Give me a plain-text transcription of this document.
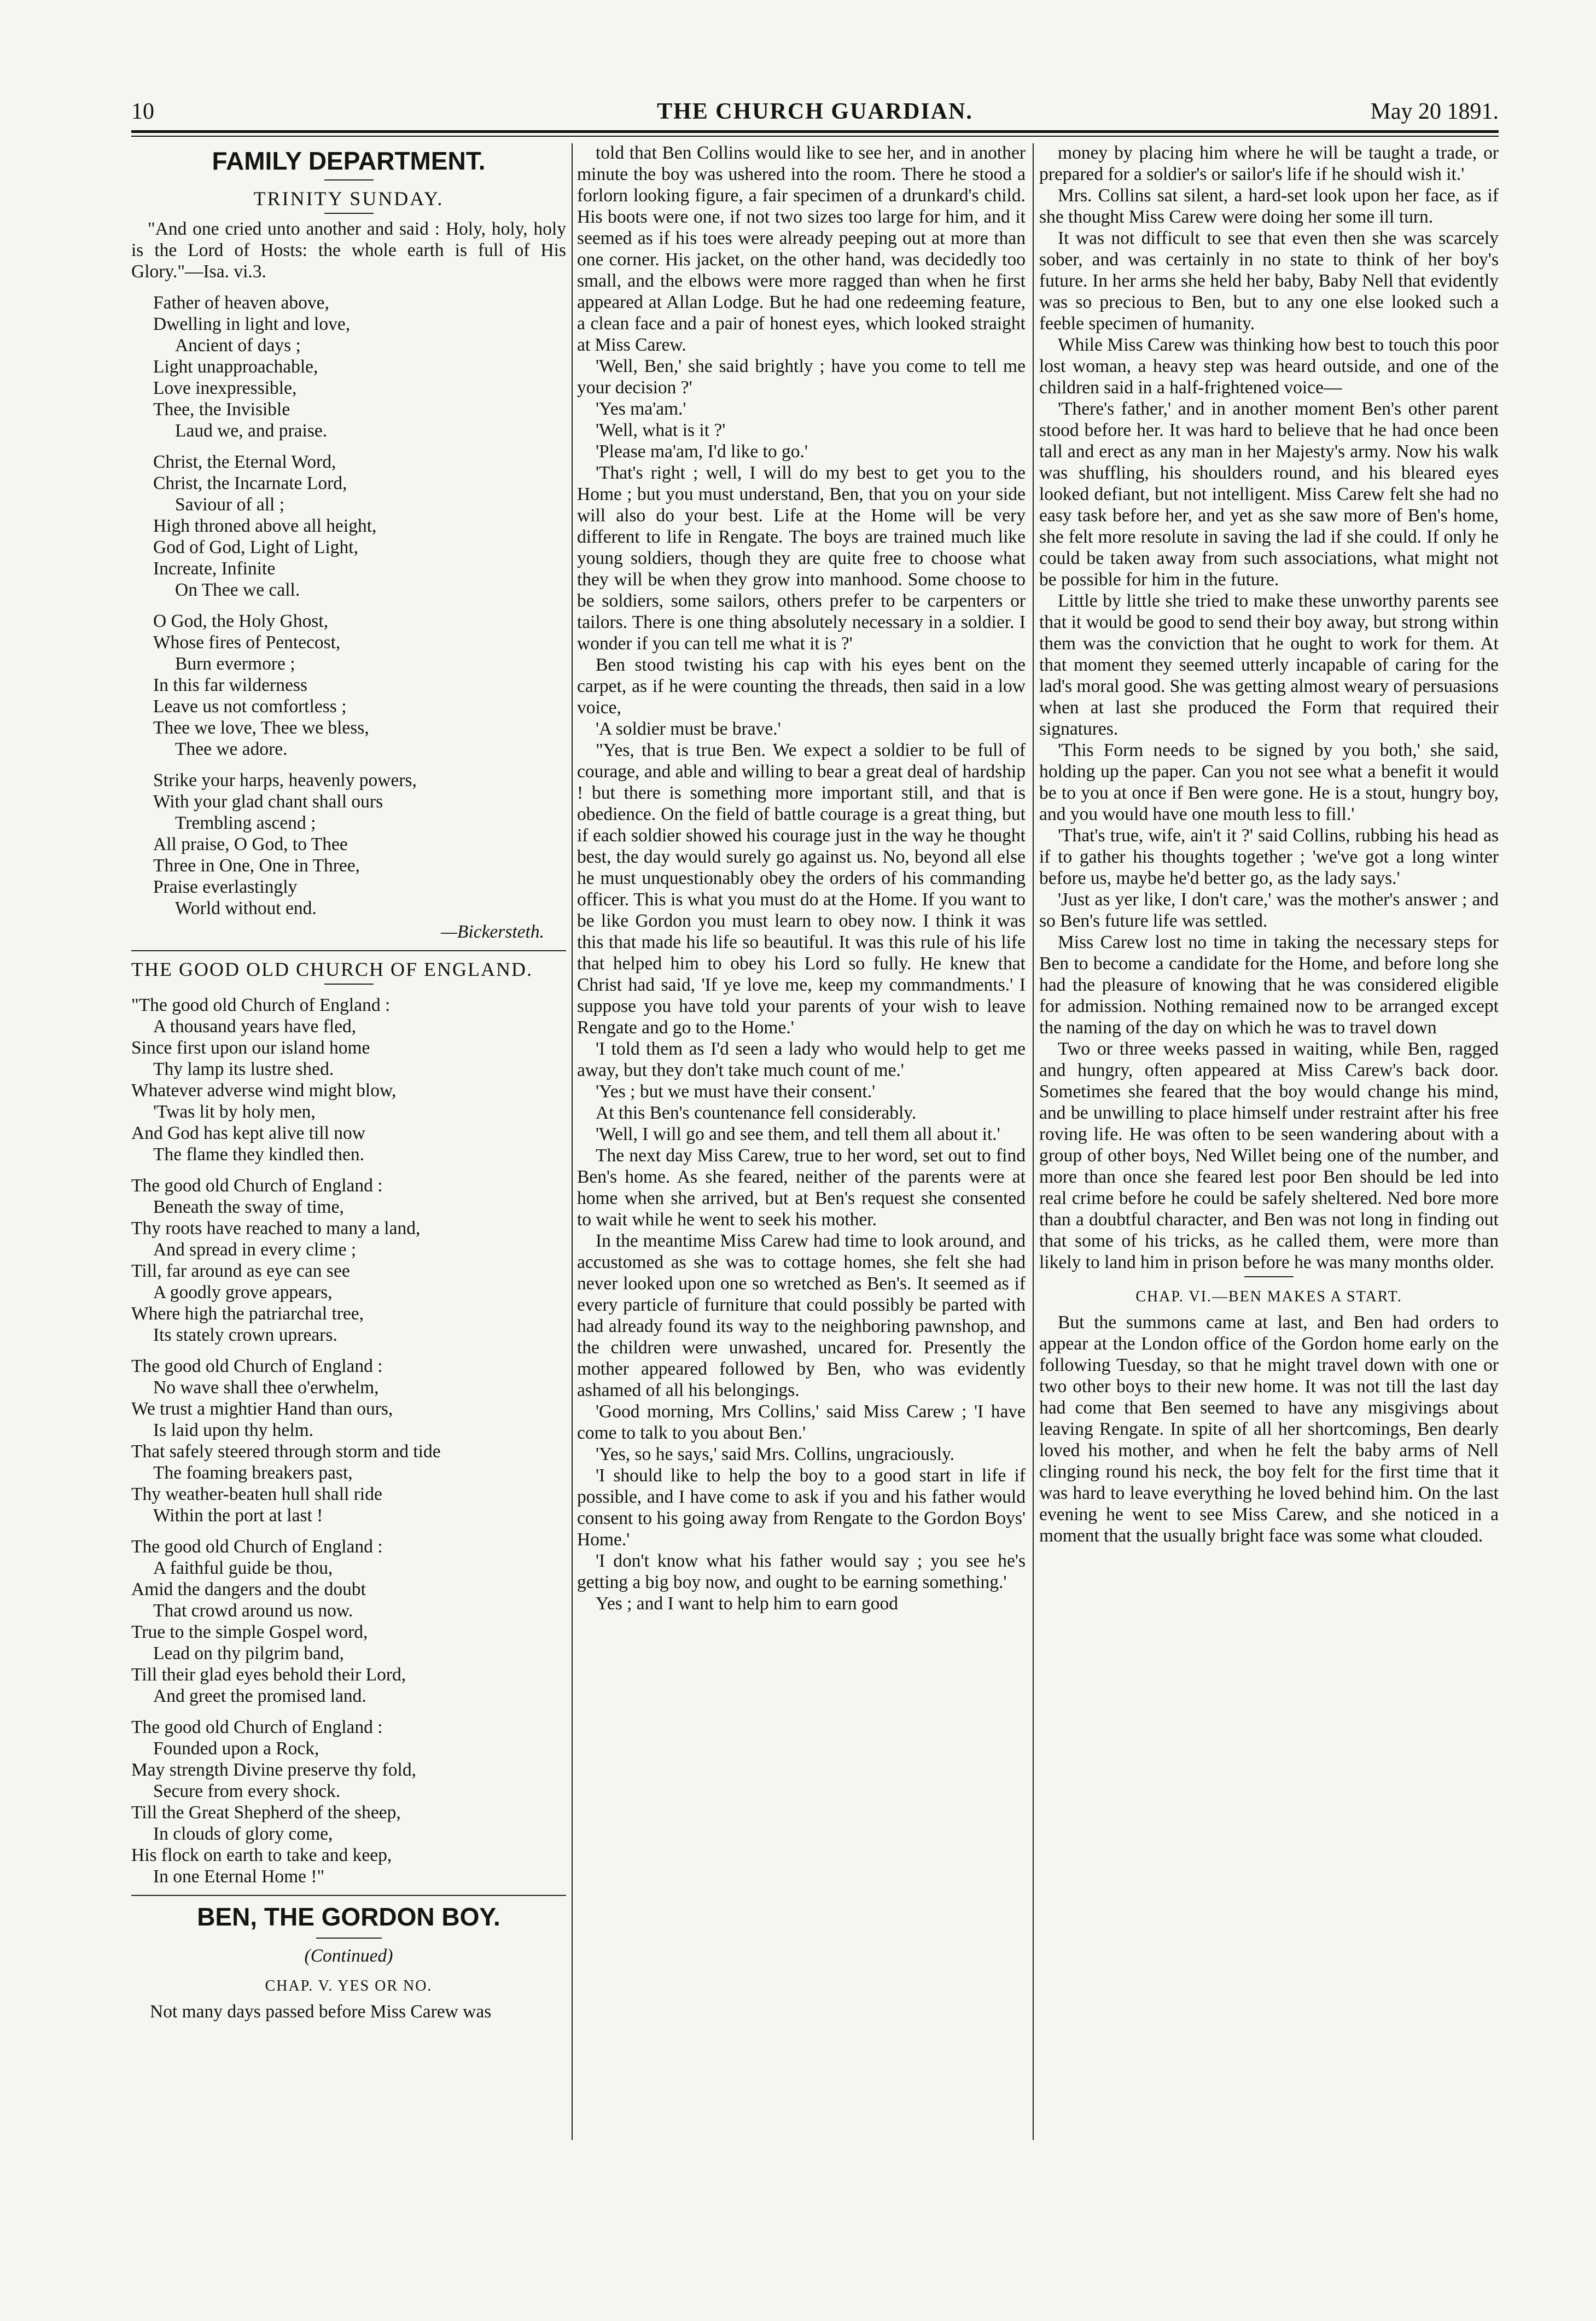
10	THE CHURCH GUARDIAN.	May 20 1891.
FAMILY DEPARTMENT.
TRINITY SUNDAY.

"And one cried unto another and said : Holy, holy, holy is the Lord of Hosts: the whole earth is full of His Glory."—Isa. vi.3.

Father of heaven above,
Dwelling in light and love,
Ancient of days ;
Light unapproachable,
Love inexpressible,
Thee, the Invisible
Laud we, and praise.
Christ, the Eternal Word,
Christ, the Incarnate Lord,
Saviour of all ;
High throned above all height,
God of God, Light of Light,
Increate, Infinite
On Thee we call.
O God, the Holy Ghost,
Whose fires of Pentecost,
Burn evermore ;
In this far wilderness
Leave us not comfortless ;
Thee we love, Thee we bless,
Thee we adore.
Strike your harps, heavenly powers,
With your glad chant shall ours
Trembling ascend ;
All praise, O God, to Thee
Three in One, One in Three,
Praise everlastingly
World without end.
—Bickersteth.
THE GOOD OLD CHURCH OF ENGLAND.
"The good old Church of England :
A thousand years have fled,
Since first upon our island home
Thy lamp its lustre shed.
Whatever adverse wind might blow,
'Twas lit by holy men,
And God has kept alive till now
The flame they kindled then.
The good old Church of England :
Beneath the sway of time,
Thy roots have reached to many a land,
And spread in every clime ;
Till, far around as eye can see
A goodly grove appears,
Where high the patriarchal tree,
Its stately crown uprears.
The good old Church of England :
No wave shall thee o'erwhelm,
We trust a mightier Hand than ours,
Is laid upon thy helm.
That safely steered through storm and tide
The foaming breakers past,
Thy weather-beaten hull shall ride
Within the port at last !
The good old Church of England :
A faithful guide be thou,
Amid the dangers and the doubt
That crowd around us now.
True to the simple Gospel word,
Lead on thy pilgrim band,
Till their glad eyes behold their Lord,
And greet the promised land.
The good old Church of England :
Founded upon a Rock,
May strength Divine preserve thy fold,
Secure from every shock.
Till the Great Shepherd of the sheep,
In clouds of glory come,
His flock on earth to take and keep,
In one Eternal Home !"
BEN, THE GORDON BOY.
(Continued)
CHAP. V. YES OR NO.

Not many days passed before Miss Carew was

told that Ben Collins would like to see her, and in another minute the boy was ushered into the room. There he stood a forlorn looking figure, a fair specimen of a drunkard's child. His boots were one, if not two sizes too large for him, and it seemed as if his toes were already peeping out at more than one corner. His jacket, on the other hand, was decidedly too small, and the elbows were more ragged than when he first appeared at Allan Lodge. But he had one redeeming feature, a clean face and a pair of honest eyes, which looked straight at Miss Carew.

'Well, Ben,' she said brightly ; have you come to tell me your decision ?'

'Yes ma'am.'

'Well, what is it ?'

'Please ma'am, I'd like to go.'

'That's right ; well, I will do my best to get you to the Home ; but you must understand, Ben, that you on your side will also do your best. Life at the Home will be very different to life in Rengate. The boys are trained much like young soldiers, though they are quite free to choose what they will be when they grow into manhood. Some choose to be soldiers, some sailors, others prefer to be carpenters or tailors. There is one thing absolutely necessary in a soldier. I wonder if you can tell me what it is ?'

Ben stood twisting his cap with his eyes bent on the carpet, as if he were counting the threads, then said in a low voice,

'A soldier must be brave.'

"Yes, that is true Ben. We expect a soldier to be full of courage, and able and willing to bear a great deal of hardship ! but there is something more important still, and that is obedience. On the field of battle courage is a great thing, but if each soldier showed his courage just in the way he thought best, the day would surely go against us. No, beyond all else he must unquestionably obey the orders of his commanding officer. This is what you must do at the Home. If you want to be like Gordon you must learn to obey now. I think it was this that made his life so beautiful. It was this rule of his life that helped him to obey his Lord so fully. He knew that Christ had said, 'If ye love me, keep my commandments.' I suppose you have told your parents of your wish to leave Rengate and go to the Home.'

'I told them as I'd seen a lady who would help to get me away, but they don't take much count of me.'

'Yes ; but we must have their consent.'

At this Ben's countenance fell considerably.

'Well, I will go and see them, and tell them all about it.'

The next day Miss Carew, true to her word, set out to find Ben's home. As she feared, neither of the parents were at home when she arrived, but at Ben's request she consented to wait while he went to seek his mother.

In the meantime Miss Carew had time to look around, and accustomed as she was to cottage homes, she felt she had never looked upon one so wretched as Ben's. It seemed as if every particle of furniture that could possibly be parted with had already found its way to the neighboring pawnshop, and the children were unwashed, uncared for. Presently the mother appeared followed by Ben, who was evidently ashamed of all his belongings.

'Good morning, Mrs Collins,' said Miss Carew ; 'I have come to talk to you about Ben.'

'Yes, so he says,' said Mrs. Collins, ungraciously.

'I should like to help the boy to a good start in life if possible, and I have come to ask if you and his father would consent to his going away from Rengate to the Gordon Boys' Home.'

'I don't know what his father would say ; you see he's getting a big boy now, and ought to be earning something.'

Yes ; and I want to help him to earn good

money by placing him where he will be taught a trade, or prepared for a soldier's or sailor's life if he should wish it.'

Mrs. Collins sat silent, a hard-set look upon her face, as if she thought Miss Carew were doing her some ill turn.

It was not difficult to see that even then she was scarcely sober, and was certainly in no state to think of her boy's future. In her arms she held her baby, Baby Nell that evidently was so precious to Ben, but to any one else looked such a feeble specimen of humanity.

While Miss Carew was thinking how best to touch this poor lost woman, a heavy step was heard outside, and one of the children said in a half-frightened voice—

'There's father,' and in another moment Ben's other parent stood before her. It was hard to believe that he had once been tall and erect as any man in her Majesty's army. Now his walk was shuffling, his shoulders round, and his bleared eyes looked defiant, but not intelligent. Miss Carew felt she had no easy task before her, and yet as she saw more of Ben's home, she felt more resolute in saving the lad if she could. If only he could be taken away from such associations, what might not be possible for him in the future.

Little by little she tried to make these unworthy parents see that it would be good to send their boy away, but strong within them was the conviction that he ought to work for them. At that moment they seemed utterly incapable of caring for the lad's moral good. She was getting almost weary of persuasions when at last she produced the Form that required their signatures.

'This Form needs to be signed by you both,' she said, holding up the paper. Can you not see what a benefit it would be to you at once if Ben were gone. He is a stout, hungry boy, and you would have one mouth less to fill.'

'That's true, wife, ain't it ?' said Collins, rubbing his head as if to gather his thoughts together ; 'we've got a long winter before us, maybe he'd better go, as the lady says.'

'Just as yer like, I don't care,' was the mother's answer ; and so Ben's future life was settled.

Miss Carew lost no time in taking the necessary steps for Ben to become a candidate for the Home, and before long she had the pleasure of knowing that he was considered eligible for admission. Nothing remained now to be arranged except the naming of the day on which he was to travel down

Two or three weeks passed in waiting, while Ben, ragged and hungry, often appeared at Miss Carew's back door. Sometimes she feared that the boy would change his mind, and be unwilling to place himself under restraint after his free roving life. He was often to be seen wandering about with a group of other boys, Ned Willet being one of the number, and more than once she feared lest poor Ben should be led into real crime before he could be safely sheltered. Ned bore more than a doubtful character, and Ben was not long in finding out that some of his tricks, as he called them, were more than likely to land him in prison before he was many months older.

CHAP. VI.—BEN MAKES A START.

But the summons came at last, and Ben had orders to appear at the London office of the Gordon home early on the following Tuesday, so that he might travel down with one or two other boys to their new home. It was not till the last day had come that Ben seemed to have any misgivings about leaving Rengate. In spite of all her shortcomings, Ben dearly loved his mother, and when he felt the baby arms of Nell clinging round his neck, the boy felt for the first time that it was hard to leave everything he loved behind him. On the last evening he went to see Miss Carew, and she noticed in a moment that the usually bright face was some what clouded.
